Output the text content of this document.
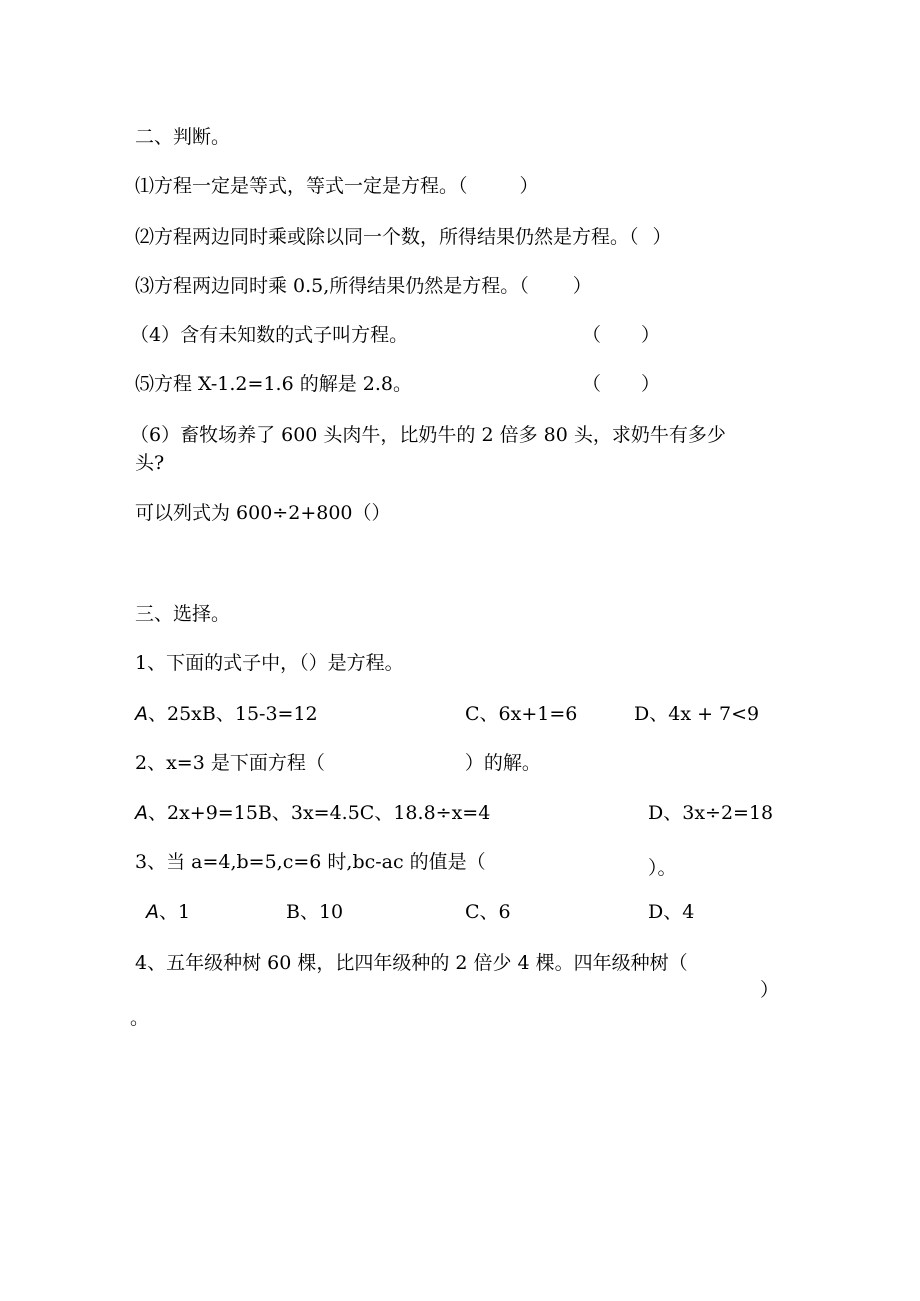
二、判断。
⑴方程一定是等式，等式一定是方程。（	）
⑵方程两边同时乘或除以同一个数，所得结果仍然是方程。（ ）
⑶方程两边同时乘 0.5,所得结果仍然是方程。（ ）
（4）含有未知数的式子叫方程。	（ ）
⑸方程 X-1.2=1.6 的解是 2.8。	（ ）
（6）畜牧场养了 600 头肉牛，比奶牛的 2 倍多 80 头，求奶牛有多少
头?
可以列式为 600÷2+800（）
三、选择。
1、下面的式子中，（）是方程。
A、25xB、15-3=12	C、6x+1=6	D、4x + 7<9
2、x=3 是下面方程（	）的解。
A、2x+9=15B、3x=4.5C、18.8÷x=4	D、3x÷2=18
3、当 a=4,b=5,c=6 时,bc-ac 的值是（	）。
A、1	B、10	C、6	D、4
4、五年级种树 60 棵，比四年级种的 2 倍少 4 棵。四年级种树（
）
。
